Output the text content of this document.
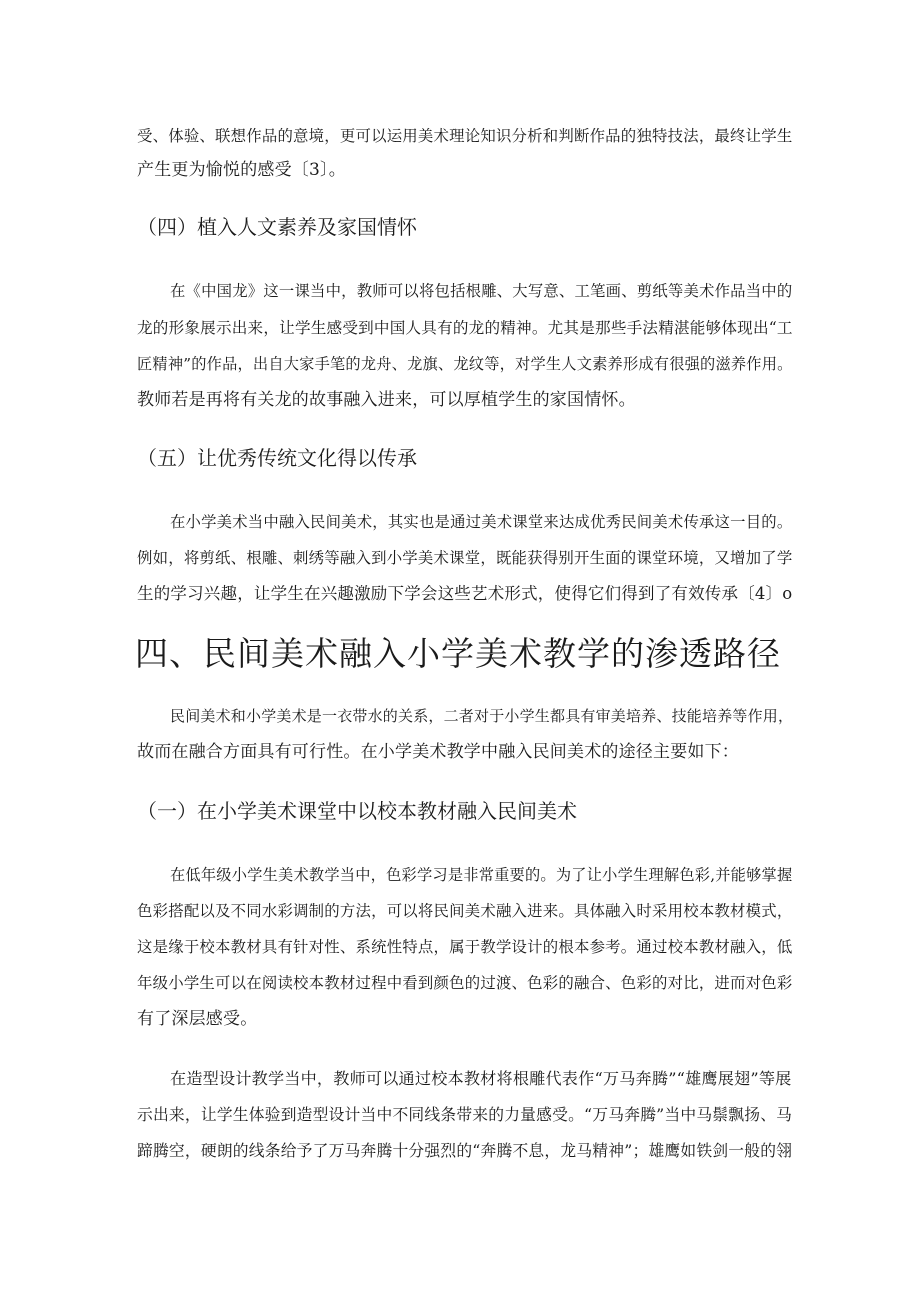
受、体验、联想作品的意境，更可以运用美术理论知识分析和判断作品的独特技法，最终让学生
产生更为愉悦的感受〔3〕。
（四）植入人文素养及家国情怀
在《中国龙》这一课当中，教师可以将包括根雕、大写意、工笔画、剪纸等美术作品当中的
龙的形象展示出来，让学生感受到中国人具有的龙的精神。尤其是那些手法精湛能够体现出“工
匠精神”的作品，出自大家手笔的龙舟、龙旗、龙纹等，对学生人文素养形成有很强的滋养作用。
教师若是再将有关龙的故事融入进来，可以厚植学生的家国情怀。
（五）让优秀传统文化得以传承
在小学美术当中融入民间美术，其实也是通过美术课堂来达成优秀民间美术传承这一目的。
例如，将剪纸、根雕、刺绣等融入到小学美术课堂，既能获得别开生面的课堂环境，又增加了学
生的学习兴趣，让学生在兴趣激励下学会这些艺术形式，使得它们得到了有效传承〔4〕o
四、民间美术融入小学美术教学的渗透路径
民间美术和小学美术是一衣带水的关系，二者对于小学生都具有审美培养、技能培养等作用，
故而在融合方面具有可行性。在小学美术教学中融入民间美术的途径主要如下：
（一）在小学美术课堂中以校本教材融入民间美术
在低年级小学生美术教学当中，色彩学习是非常重要的。为了让小学生理解色彩,并能够掌握
色彩搭配以及不同水彩调制的方法，可以将民间美术融入进来。具体融入时采用校本教材模式，
这是缘于校本教材具有针对性、系统性特点，属于教学设计的根本参考。通过校本教材融入，低
年级小学生可以在阅读校本教材过程中看到颜色的过渡、色彩的融合、色彩的对比，进而对色彩
有了深层感受。
在造型设计教学当中，教师可以通过校本教材将根雕代表作“万马奔腾”“雄鹰展翅”等展
示出来，让学生体验到造型设计当中不同线条带来的力量感受。“万马奔腾”当中马鬃飘扬、马
蹄腾空，硬朗的线条给予了万马奔腾十分强烈的“奔腾不息，龙马精神”；雄鹰如铁剑一般的翎
